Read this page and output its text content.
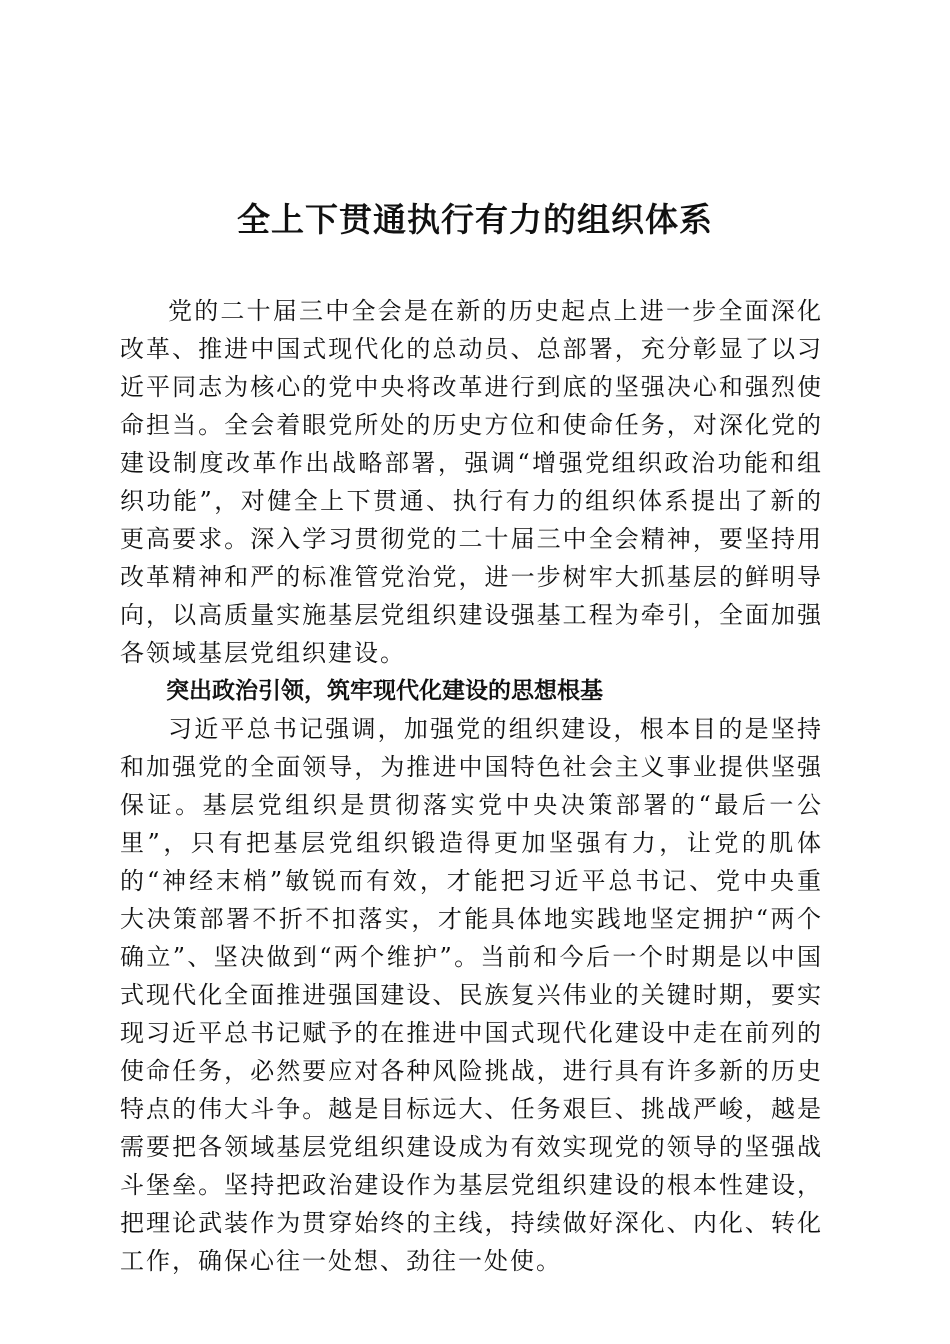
全上下贯通执行有力的组织体系

党的二十届三中全会是在新的历史起点上进一步全面深化改革、推进中国式现代化的总动员、总部署，充分彰显了以习近平同志为核心的党中央将改革进行到底的坚强决心和强烈使命担当。全会着眼党所处的历史方位和使命任务，对深化党的建设制度改革作出战略部署，强调“增强党组织政治功能和组织功能”，对健全上下贯通、执行有力的组织体系提出了新的更高要求。深入学习贯彻党的二十届三中全会精神，要坚持用改革精神和严的标准管党治党，进一步树牢大抓基层的鲜明导向，以高质量实施基层党组织建设强基工程为牵引，全面加强各领域基层党组织建设。

突出政治引领，筑牢现代化建设的思想根基

习近平总书记强调，加强党的组织建设，根本目的是坚持和加强党的全面领导，为推进中国特色社会主义事业提供坚强保证。基层党组织是贯彻落实党中央决策部署的“最后一公里”，只有把基层党组织锻造得更加坚强有力，让党的肌体的“神经末梢”敏锐而有效，才能把习近平总书记、党中央重大决策部署不折不扣落实，才能具体地实践地坚定拥护“两个确立”、坚决做到“两个维护”。当前和今后一个时期是以中国式现代化全面推进强国建设、民族复兴伟业的关键时期，要实现习近平总书记赋予的在推进中国式现代化建设中走在前列的使命任务，必然要应对各种风险挑战，进行具有许多新的历史特点的伟大斗争。越是目标远大、任务艰巨、挑战严峻，越是需要把各领域基层党组织建设成为有效实现党的领导的坚强战斗堡垒。坚持把政治建设作为基层党组织建设的根本性建设，把理论武装作为贯穿始终的主线，持续做好深化、内化、转化工作，确保心往一处想、劲往一处使。
